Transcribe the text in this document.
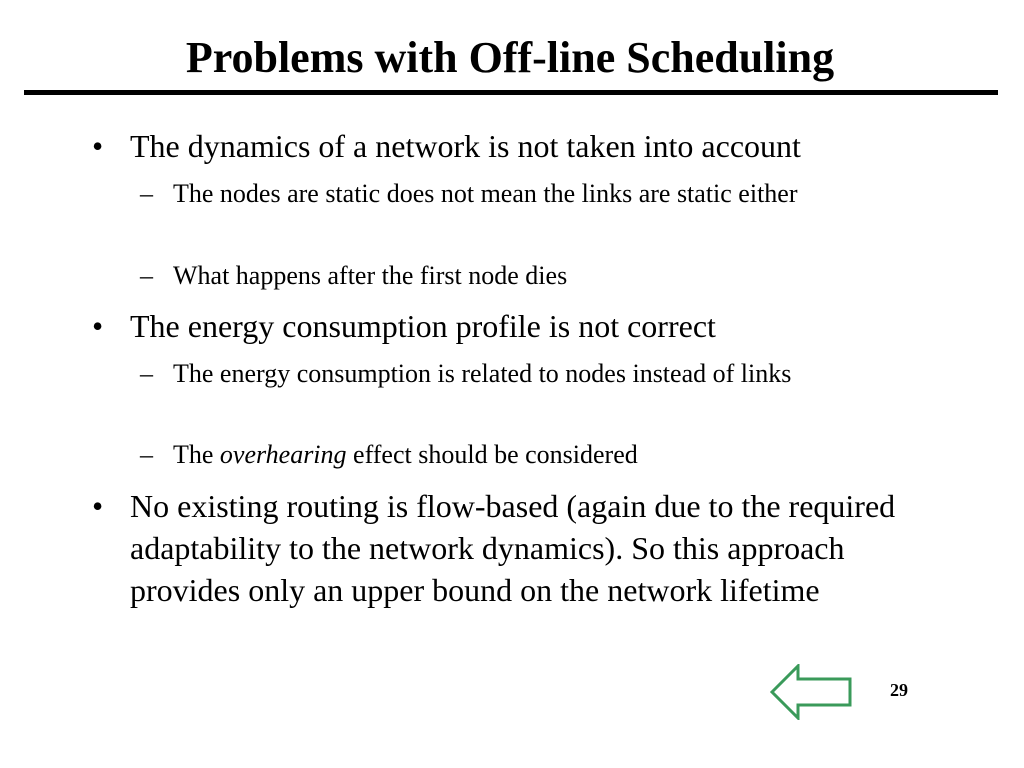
Problems with Off-line Scheduling
• The dynamics of a network is not taken into account

– The nodes are static does not mean the links are static either

– What happens after the first node dies

• The energy consumption profile is not correct

– The energy consumption is related to nodes instead of links

– The overhearing effect should be considered

• No existing routing is flow-based (again due to the required adaptability to the network dynamics). So this approach provides only an upper bound on the network lifetime

29
